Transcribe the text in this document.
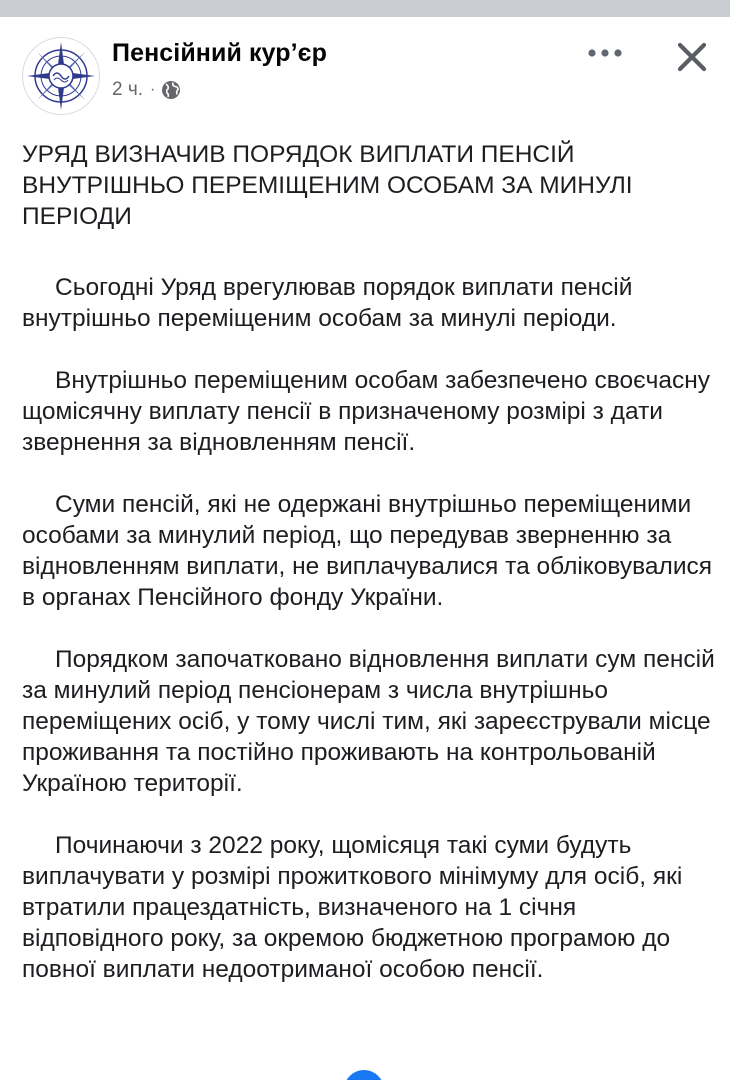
Пенсійний кур’єр
2 ч. ·
УРЯД ВИЗНАЧИВ ПОРЯДОК ВИПЛАТИ ПЕНСІЙ ВНУТРІШНЬО ПЕРЕМІЩЕНИМ ОСОБАМ ЗА МИНУЛІ ПЕРІОДИ

Сьогодні Уряд врегулював порядок виплати пенсій внутрішньо переміщеним особам за минулі періоди.

Внутрішньо переміщеним особам забезпечено своєчасну щомісячну виплату пенсії в призначеному розмірі з дати звернення за відновленням пенсії.

Суми пенсій, які не одержані внутрішньо переміщеними особами за минулий період, що передував зверненню за відновленням виплати, не виплачувалися та обліковувалися в органах Пенсійного фонду України.

Порядком започатковано відновлення виплати сум пенсій за минулий період пенсіонерам з числа внутрішньо переміщених осіб, у тому числі тим, які зареєстрували місце проживання та постійно проживають на контрольованій Україною території.

Починаючи з 2022 року, щомісяця такі суми будуть виплачувати у розмірі прожиткового мінімуму для осіб, які втратили працездатність, визначеного на 1 січня відповідного року, за окремою бюджетною програмою до повної виплати недоотриманої особою пенсії.
